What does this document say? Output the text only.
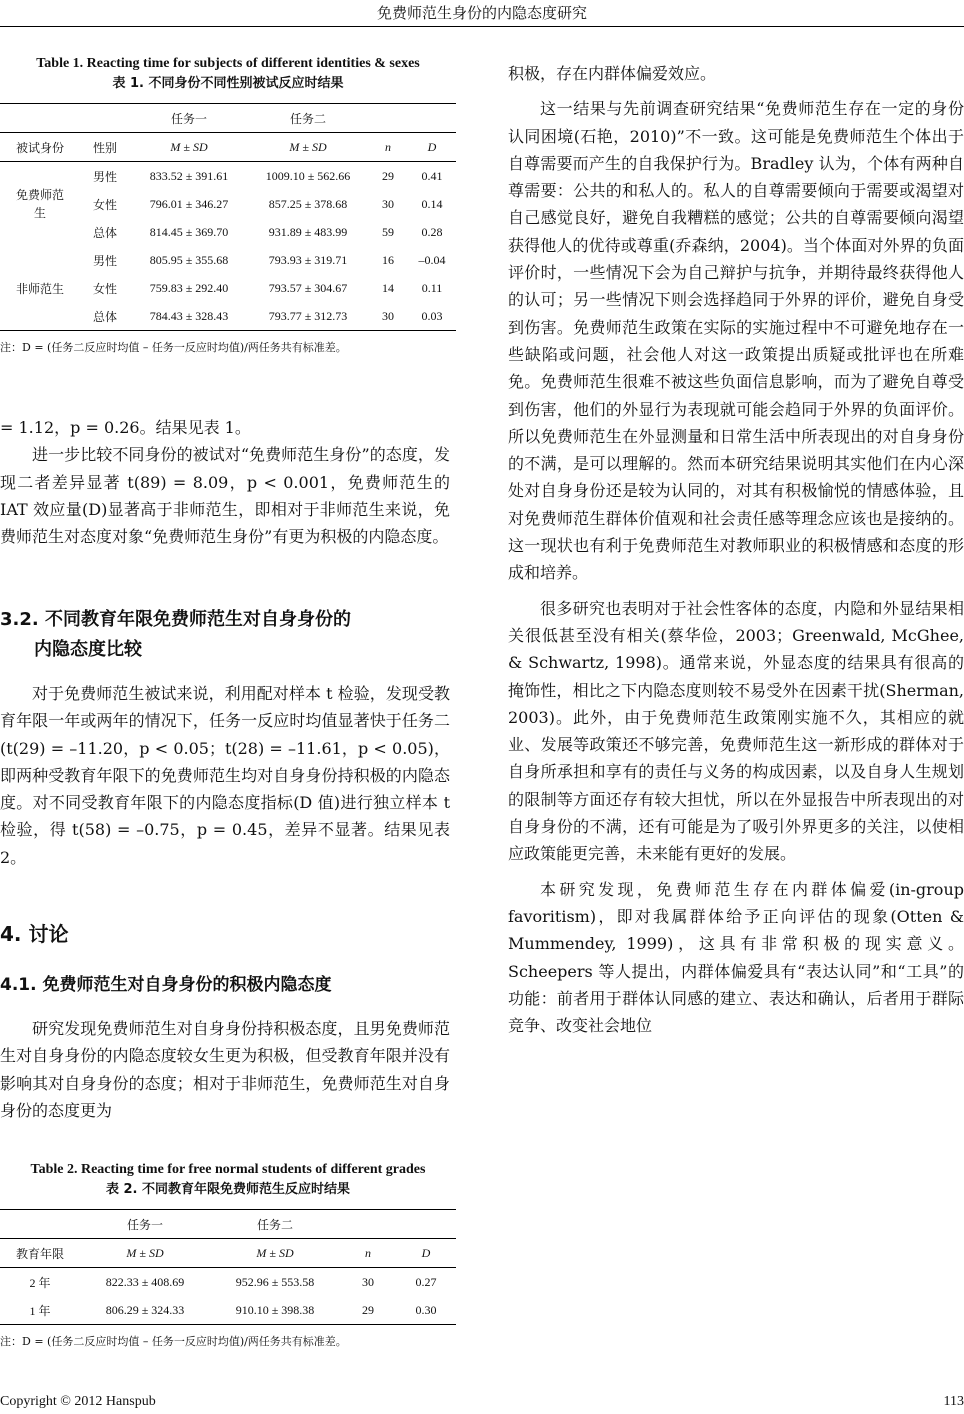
免费师范生身份的内隐态度研究
Table 1. Reacting time for subjects of different identities & sexes
表 1. 不同身份不同性别被试反应时结果
		任务一	任务二		
被试身份	性别	M ± SD	M ± SD	n	D
免费师范生	男性	833.52 ± 391.61	1009.10 ± 562.66	29	0.41
	女性	796.01 ± 346.27	857.25 ± 378.68	30	0.14
	总体	814.45 ± 369.70	931.89 ± 483.99	59	0.28
非师范生	男性	805.95 ± 355.68	793.93 ± 319.71	16	–0.04
	女性	759.83 ± 292.40	793.57 ± 304.67	14	0.11
	总体	784.43 ± 328.43	793.77 ± 312.73	30	0.03
注：D = (任务二反应时均值 – 任务一反应时均值)/两任务共有标准差。

= 1.12，p = 0.26。结果见表 1。

进一步比较不同身份的被试对“免费师范生身份”的态度，发现二者差异显著 t(89) = 8.09，p < 0.001，免费师范生的 IAT 效应量(D)显著高于非师范生，即相对于非师范生来说，免费师范生对态度对象“免费师范生身份”有更为积极的内隐态度。

3.2. 不同教育年限免费师范生对自身身份的
内隐态度比较

对于免费师范生被试来说，利用配对样本 t 检验，发现受教育年限一年或两年的情况下，任务一反应时均值显著快于任务二(t(29) = –11.20，p < 0.05；t(28) = –11.61，p < 0.05)，即两种受教育年限下的免费师范生均对自身身份持积极的内隐态度。对不同受教育年限下的内隐态度指标(D 值)进行独立样本 t 检验，得 t(58) = –0.75，p = 0.45，差异不显著。结果见表 2。

4. 讨论
4.1. 免费师范生对自身身份的积极内隐态度

研究发现免费师范生对自身身份持积极态度，且男免费师范生对自身身份的内隐态度较女生更为积极，但受教育年限并没有影响其对自身身份的态度；相对于非师范生，免费师范生对自身身份的态度更为

Table 2. Reacting time for free normal students of different grades
表 2. 不同教育年限免费师范生反应时结果
	任务一	任务二		
教育年限	M ± SD	M ± SD	n	D
2 年	822.33 ± 408.69	952.96 ± 553.58	30	0.27
1 年	806.29 ± 324.33	910.10 ± 398.38	29	0.30
注：D = (任务二反应时均值 – 任务一反应时均值)/两任务共有标准差。

积极，存在内群体偏爱效应。

这一结果与先前调查研究结果“免费师范生存在一定的身份认同困境(石艳，2010)”不一致。这可能是免费师范生个体出于自尊需要而产生的自我保护行为。Bradley 认为，个体有两种自尊需要：公共的和私人的。私人的自尊需要倾向于需要或渴望对自己感觉良好，避免自我糟糕的感觉；公共的自尊需要倾向渴望获得他人的优待或尊重(乔森纳，2004)。当个体面对外界的负面评价时，一些情况下会为自己辩护与抗争，并期待最终获得他人的认可；另一些情况下则会选择趋同于外界的评价，避免自身受到伤害。免费师范生政策在实际的实施过程中不可避免地存在一些缺陷或问题，社会他人对这一政策提出质疑或批评也在所难免。免费师范生很难不被这些负面信息影响，而为了避免自尊受到伤害，他们的外显行为表现就可能会趋同于外界的负面评价。所以免费师范生在外显测量和日常生活中所表现出的对自身身份的不满，是可以理解的。然而本研究结果说明其实他们在内心深处对自身身份还是较为认同的，对其有积极愉悦的情感体验，且对免费师范生群体价值观和社会责任感等理念应该也是接纳的。这一现状也有利于免费师范生对教师职业的积极情感和态度的形成和培养。

很多研究也表明对于社会性客体的态度，内隐和外显结果相关很低甚至没有相关(蔡华俭，2003；Greenwald, McGhee, & Schwartz, 1998)。通常来说，外显态度的结果具有很高的掩饰性，相比之下内隐态度则较不易受外在因素干扰(Sherman, 2003)。此外，由于免费师范生政策刚实施不久，其相应的就业、发展等政策还不够完善，免费师范生这一新形成的群体对于自身所承担和享有的责任与义务的构成因素，以及自身人生规划的限制等方面还存有较大担忧，所以在外显报告中所表现出的对自身身份的不满，还有可能是为了吸引外界更多的关注，以使相应政策能更完善，未来能有更好的发展。

本研究发现，免费师范生存在内群体偏爱(in-group favoritism)，即对我属群体给予正向评估的现象(Otten & Mummendey, 1999)，这具有非常积极的现实意义。Scheepers 等人提出，内群体偏爱具有“表达认同”和“工具”的功能：前者用于群体认同感的建立、表达和确认，后者用于群际竞争、改变社会地位

Copyright © 2012 Hanspub	113
